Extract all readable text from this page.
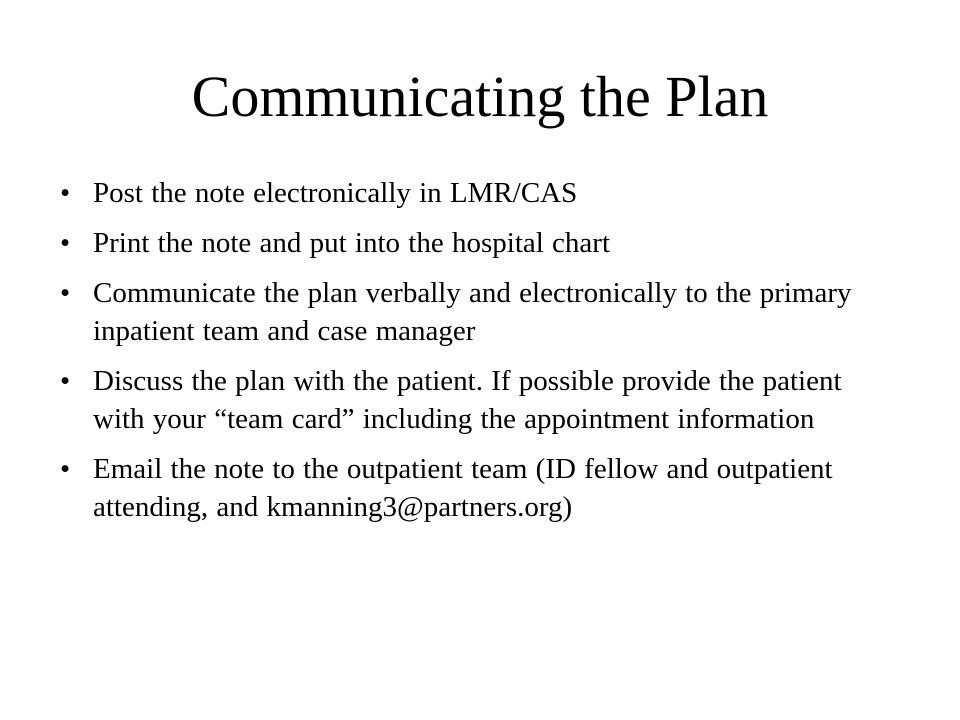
Communicating the Plan
• Post the note electronically in LMR/CAS
• Print the note and put into the hospital chart
• Communicate the plan verbally and electronically to the primary inpatient team and case manager
• Discuss the plan with the patient. If possible provide the patient with your “team card” including the appointment information
• Email the note to the outpatient team (ID fellow and outpatient attending, and kmanning3@partners.org)
